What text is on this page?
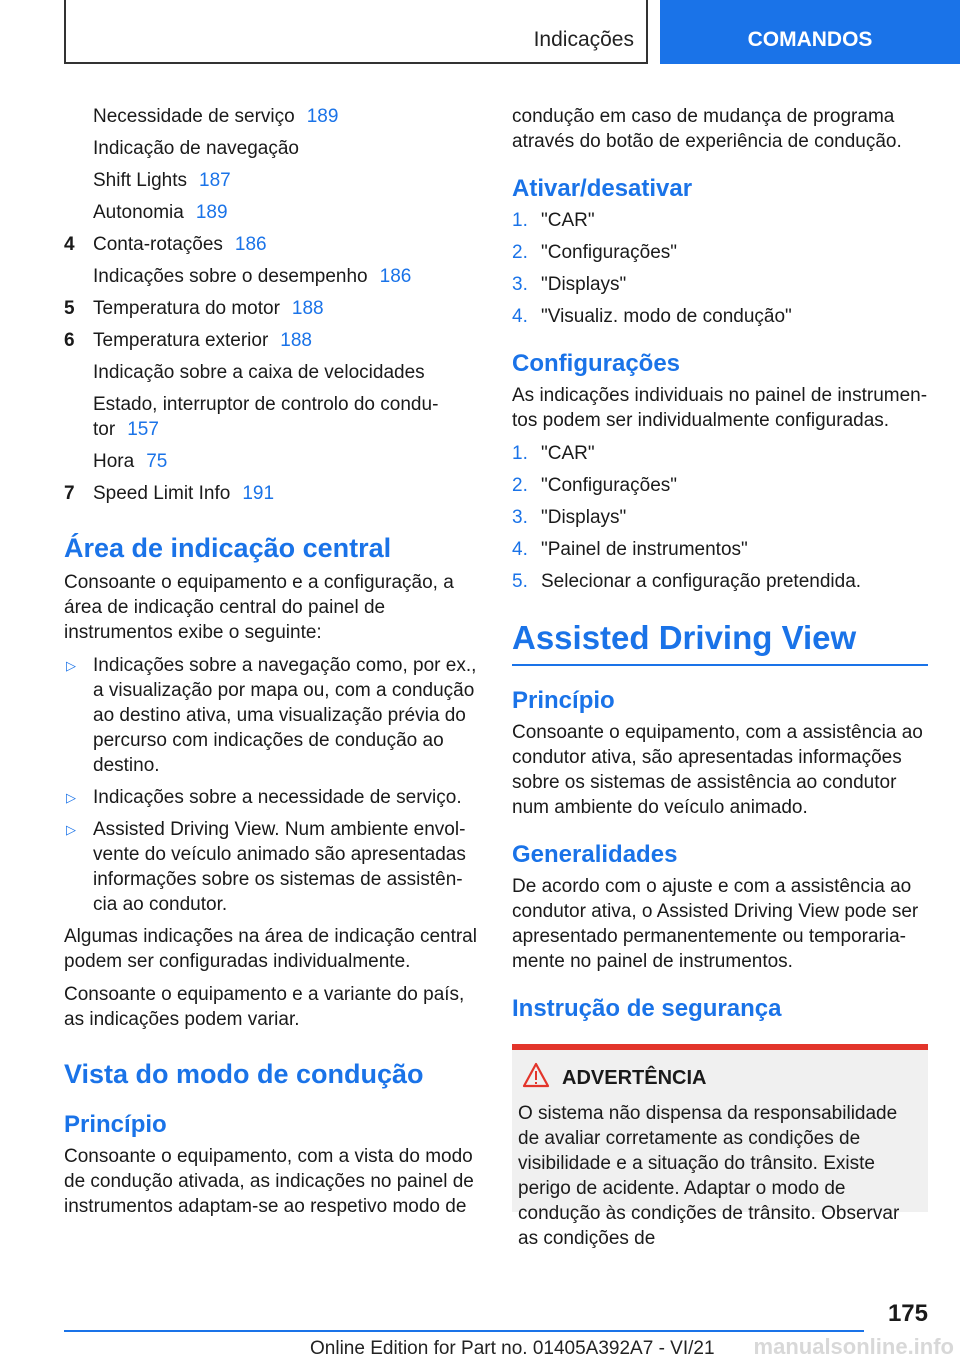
Indicações	COMANDOS
Necessidade de serviço 189
Indicação de navegação
Shift Lights 187
Autonomia 189
4 Conta-rotações 186
Indicações sobre o desempenho 186
5 Temperatura do motor 188
6 Temperatura exterior 188
Indicação sobre a caixa de velocidades
Estado, interruptor de controlo do condutor 157
Hora 75
7 Speed Limit Info 191
Área de indicação central

Consoante o equipamento e a configuração, a área de indicação central do painel de instrumentos exibe o seguinte:

▷ Indicações sobre a navegação como, por ex., a visualização por mapa ou, com a condução ao destino ativa, uma visualização prévia do percurso com indicações de condução ao destino.
▷ Indicações sobre a necessidade de serviço.
▷ Assisted Driving View. Num ambiente envolvente do veículo animado são apresentadas informações sobre os sistemas de assistência ao condutor.

Algumas indicações na área de indicação central podem ser configuradas individualmente.

Consoante o equipamento e a variante do país, as indicações podem variar.

Vista do modo de condução
Princípio

Consoante o equipamento, com a vista do modo de condução ativada, as indicações no painel de instrumentos adaptam-se ao respetivo modo de

condução em caso de mudança de programa através do botão de experiência de condução.

Ativar/desativar
1. "CAR"
2. "Configurações"
3. "Displays"
4. "Visualiz. modo de condução"
Configurações

As indicações individuais no painel de instrumentos podem ser individualmente configuradas.

1. "CAR"
2. "Configurações"
3. "Displays"
4. "Painel de instrumentos"
5. Selecionar a configuração pretendida.
Assisted Driving View
Princípio

Consoante o equipamento, com a assistência ao condutor ativa, são apresentadas informações sobre os sistemas de assistência ao condutor num ambiente do veículo animado.

Generalidades

De acordo com o ajuste e com a assistência ao condutor ativa, o Assisted Driving View pode ser apresentado permanentemente ou temporariamente no painel de instrumentos.

Instrução de segurança
ADVERTÊNCIA

O sistema não dispensa da responsabilidade de avaliar corretamente as condições de visibilidade e a situação do trânsito. Existe perigo de acidente. Adaptar o modo de condução às condições de trânsito. Observar as condições de

175
Online Edition for Part no. 01405A392A7 - VI/21 manualsonline.info
